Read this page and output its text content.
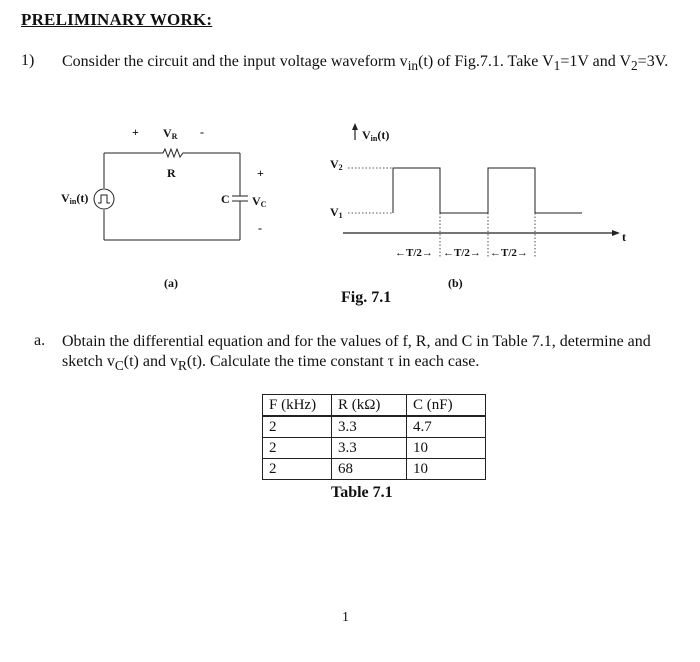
PRELIMINARY WORK:
1) Consider the circuit and the input voltage waveform $v_{in}(t)$ of Fig.7.1. Take $V_1=1V$ and $V_2=3V$.
+ VR -
R
Vin(t)	C
+
VC
-
Vin(t)
V2
V1
t
←T/2→ ←T/2→ ←T/2→
(a)	(b)
Fig. 7.1
a. Obtain the differential equation and for the values of f, R, and C in Table 7.1, determine and sketch $v_C(t)$ and $v_R(t)$. Calculate the time constant τ in each case.
F (kHz)	R (kΩ)	C (nF)
2	3.3	4.7
2	3.3	10
2	68	10
Table 7.1
1
